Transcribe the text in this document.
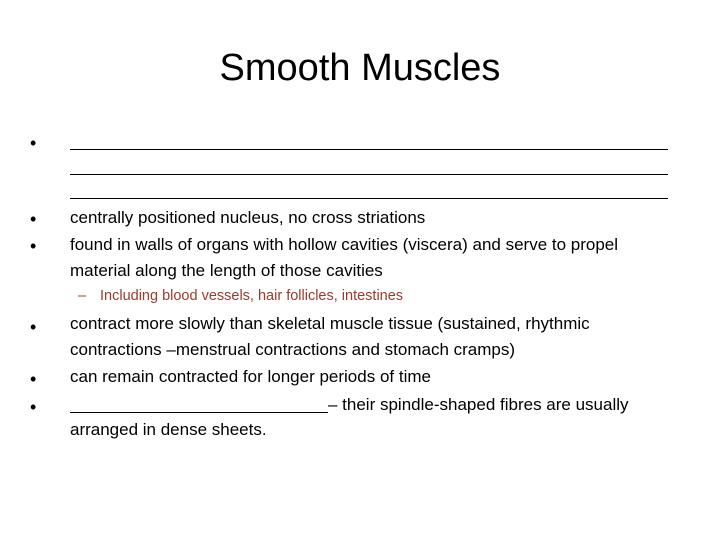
Smooth Muscles
•
• centrally positioned nucleus, no cross striations
• found in walls of organs with hollow cavities (viscera) and serve to propel
material along the length of those cavities
– Including blood vessels, hair follicles, intestines
• contract more slowly than skeletal muscle tissue (sustained, rhythmic
contractions –menstrual contractions and stomach cramps)
• can remain contracted for longer periods of time
•	– their spindle-shaped fibres are usually
arranged in dense sheets.
